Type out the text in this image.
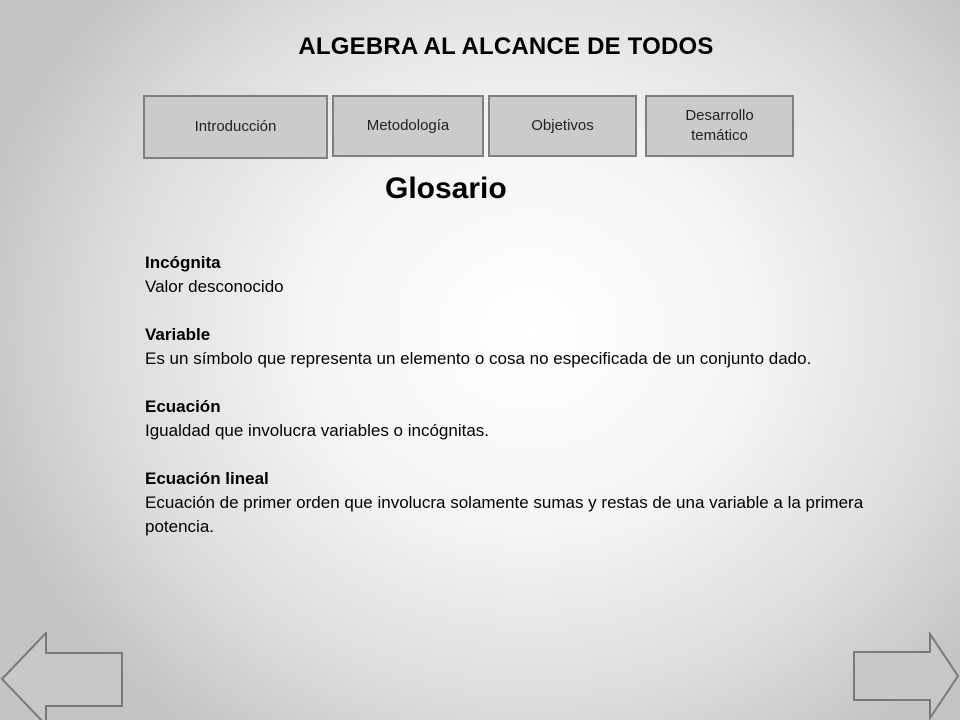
ALGEBRA AL ALCANCE DE TODOS
Introducción	Metodología	Objetivos
Desarrollo
temático
Glosario
Incógnita
Valor desconocido
Variable
Es un símbolo que representa un elemento o cosa no especificada de un conjunto dado.
Ecuación
Igualdad que involucra variables o incógnitas.
Ecuación lineal
Ecuación de primer orden que involucra solamente sumas y restas de una variable a la primera potencia.
